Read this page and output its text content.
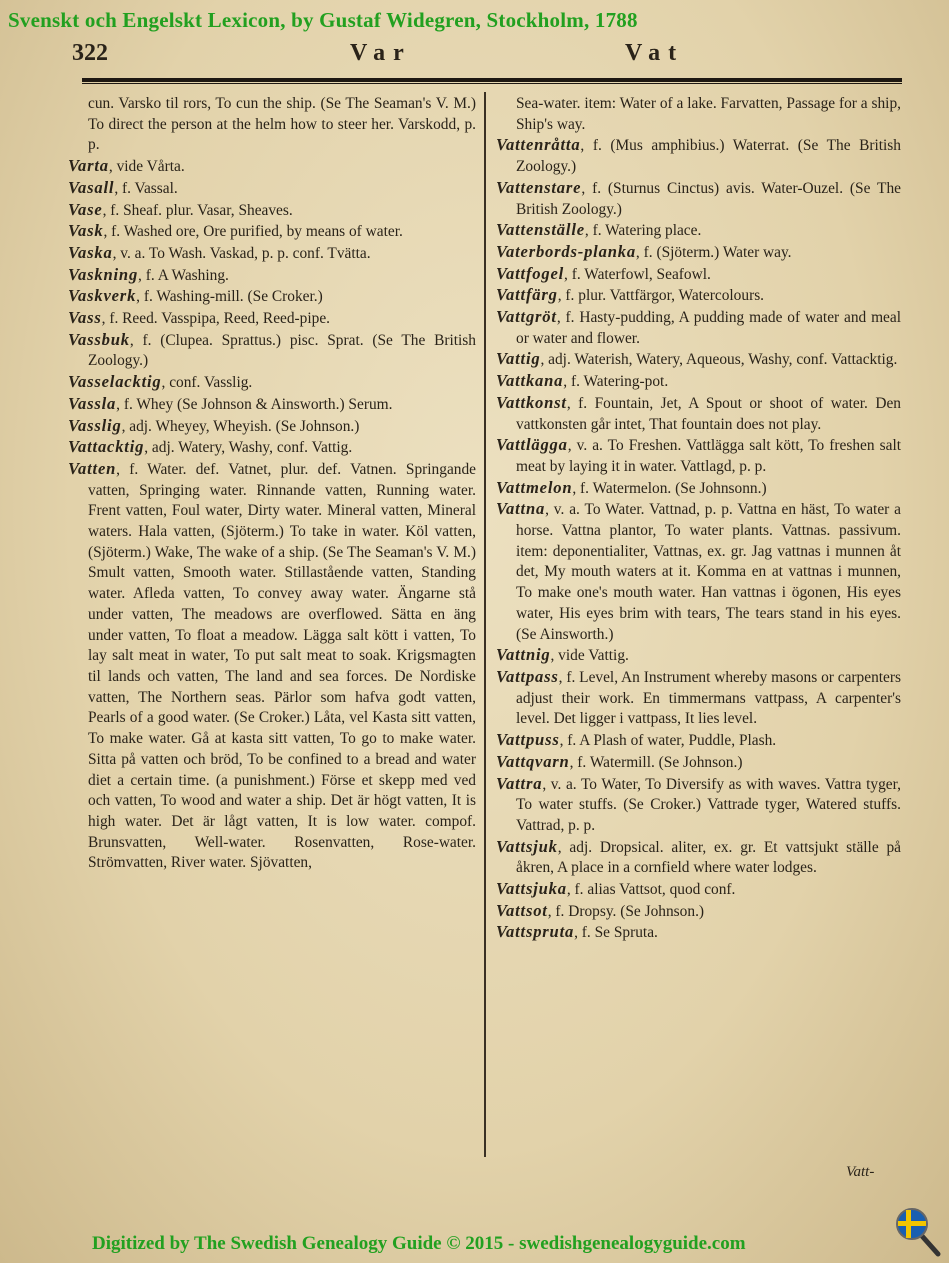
Svenskt och Engelskt Lexicon, by Gustaf Widegren, Stockholm, 1788
322	Var	Vat

cun. Varsko til rors, To cun the ship. (Se The Seaman's V. M.) To direct the person at the helm how to steer her. Varskodd, p. p.

Varta, vide Vårta.

Vasall, f. Vassal.

Vase, f. Sheaf. plur. Vasar, Sheaves.

Vask, f. Washed ore, Ore purified, by means of water.

Vaska, v. a. To Wash. Vaskad, p. p. conf. Tvätta.

Vaskning, f. A Washing.

Vaskverk, f. Washing-mill. (Se Croker.)

Vass, f. Reed. Vasspipa, Reed, Reed-pipe.

Vassbuk, f. (Clupea. Sprattus.) pisc. Sprat. (Se The British Zoology.)

Vasselacktig, conf. Vasslig.

Vassla, f. Whey (Se Johnson & Ainsworth.) Serum.

Vasslig, adj. Wheyey, Wheyish. (Se Johnson.)

Vattacktig, adj. Watery, Washy, conf. Vattig.

Vatten, f. Water. def. Vatnet, plur. def. Vatnen. Springande vatten, Springing water. Rinnande vatten, Running water. Frent vatten, Foul water, Dirty water. Mineral vatten, Mineral waters. Hala vatten, (Sjöterm.) To take in water. Köl vatten, (Sjöterm.) Wake, The wake of a ship. (Se The Seaman's V. M.) Smult vatten, Smooth water. Stillastående vatten, Standing water. Afleda vatten, To convey away water. Ängarne stå under vatten, The meadows are overflowed. Sätta en äng under vatten, To float a meadow. Lägga salt kött i vatten, To lay salt meat in water, To put salt meat to soak. Krigsmagten til lands och vatten, The land and sea forces. De Nordiske vatten, The Northern seas. Pärlor som hafva godt vatten, Pearls of a good water. (Se Croker.) Låta, vel Kasta sitt vatten, To make water. Gå at kasta sitt vatten, To go to make water. Sitta på vatten och bröd, To be confined to a bread and water diet a certain time. (a punishment.) Förse et skepp med ved och vatten, To wood and water a ship. Det är högt vatten, It is high water. Det är lågt vatten, It is low water. compof. Brunsvatten, Well-water. Rosenvatten, Rose-water. Strömvatten, River water. Sjövatten,

Sea-water. item: Water of a lake. Farvatten, Passage for a ship, Ship's way.

Vattenråtta, f. (Mus amphibius.) Waterrat. (Se The British Zoology.)

Vattenstare, f. (Sturnus Cinctus) avis. Water-Ouzel. (Se The British Zoology.)

Vattenställe, f. Watering place.

Vaterbords-planka, f. (Sjöterm.) Water way.

Vattfogel, f. Waterfowl, Seafowl.

Vattfärg, f. plur. Vattfärgor, Watercolours.

Vattgröt, f. Hasty-pudding, A pudding made of water and meal or water and flower.

Vattig, adj. Waterish, Watery, Aqueous, Washy, conf. Vattacktig.

Vattkana, f. Watering-pot.

Vattkonst, f. Fountain, Jet, A Spout or shoot of water. Den vattkonsten går intet, That fountain does not play.

Vattlägga, v. a. To Freshen. Vattlägga salt kött, To freshen salt meat by laying it in water. Vattlagd, p. p.

Vattmelon, f. Watermelon. (Se Johnsonn.)

Vattna, v. a. To Water. Vattnad, p. p. Vattna en häst, To water a horse. Vattna plantor, To water plants. Vattnas. passivum. item: deponentialiter, Vattnas, ex. gr. Jag vattnas i munnen åt det, My mouth waters at it. Komma en at vattnas i munnen, To make one's mouth water. Han vattnas i ögonen, His eyes water, His eyes brim with tears, The tears stand in his eyes. (Se Ainsworth.)

Vattnig, vide Vattig.

Vattpass, f. Level, An Instrument whereby masons or carpenters adjust their work. En timmermans vattpass, A carpenter's level. Det ligger i vattpass, It lies level.

Vattpuss, f. A Plash of water, Puddle, Plash.

Vattqvarn, f. Watermill. (Se Johnson.)

Vattra, v. a. To Water, To Diversify as with waves. Vattra tyger, To water stuffs. (Se Croker.) Vattrade tyger, Watered stuffs. Vattrad, p. p.

Vattsjuk, adj. Dropsical. aliter, ex. gr. Et vattsjukt ställe på åkren, A place in a cornfield where water lodges.

Vattsjuka, f. alias Vattsot, quod conf.

Vattsot, f. Dropsy. (Se Johnson.)

Vattspruta, f. Se Spruta.

Vatt-
Digitized by The Swedish Genealogy Guide © 2015 - swedishgenealogyguide.com
